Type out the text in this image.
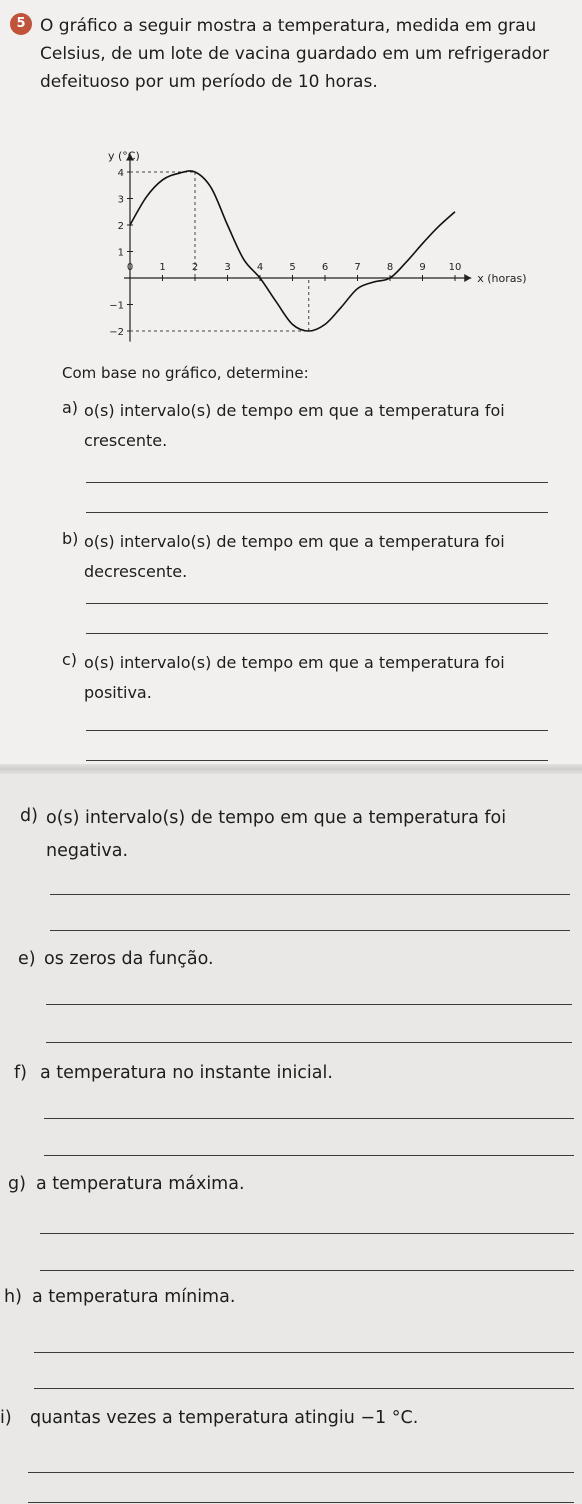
5 O gráfico a seguir mostra a temperatura, medida em grau Celsius, de um lote de vacina guardado em um refrigerador defeituoso por um período de 10 horas.

y (°C)
x (horas)
0	1	2	3	4	5	6	7	8	9 10
4
3
2
1
−1
−2
Com base no gráfico, determine:
a) o(s) intervalo(s) de tempo em que a temperatura foi crescente.
b) o(s) intervalo(s) de tempo em que a temperatura foi decrescente.
c) o(s) intervalo(s) de tempo em que a temperatura foi positiva.
d) o(s) intervalo(s) de tempo em que a temperatura foi negativa.
e) os zeros da função.
f) a temperatura no instante inicial.
g) a temperatura máxima.
h) a temperatura mínima.
i) quantas vezes a temperatura atingiu −1 °C.
